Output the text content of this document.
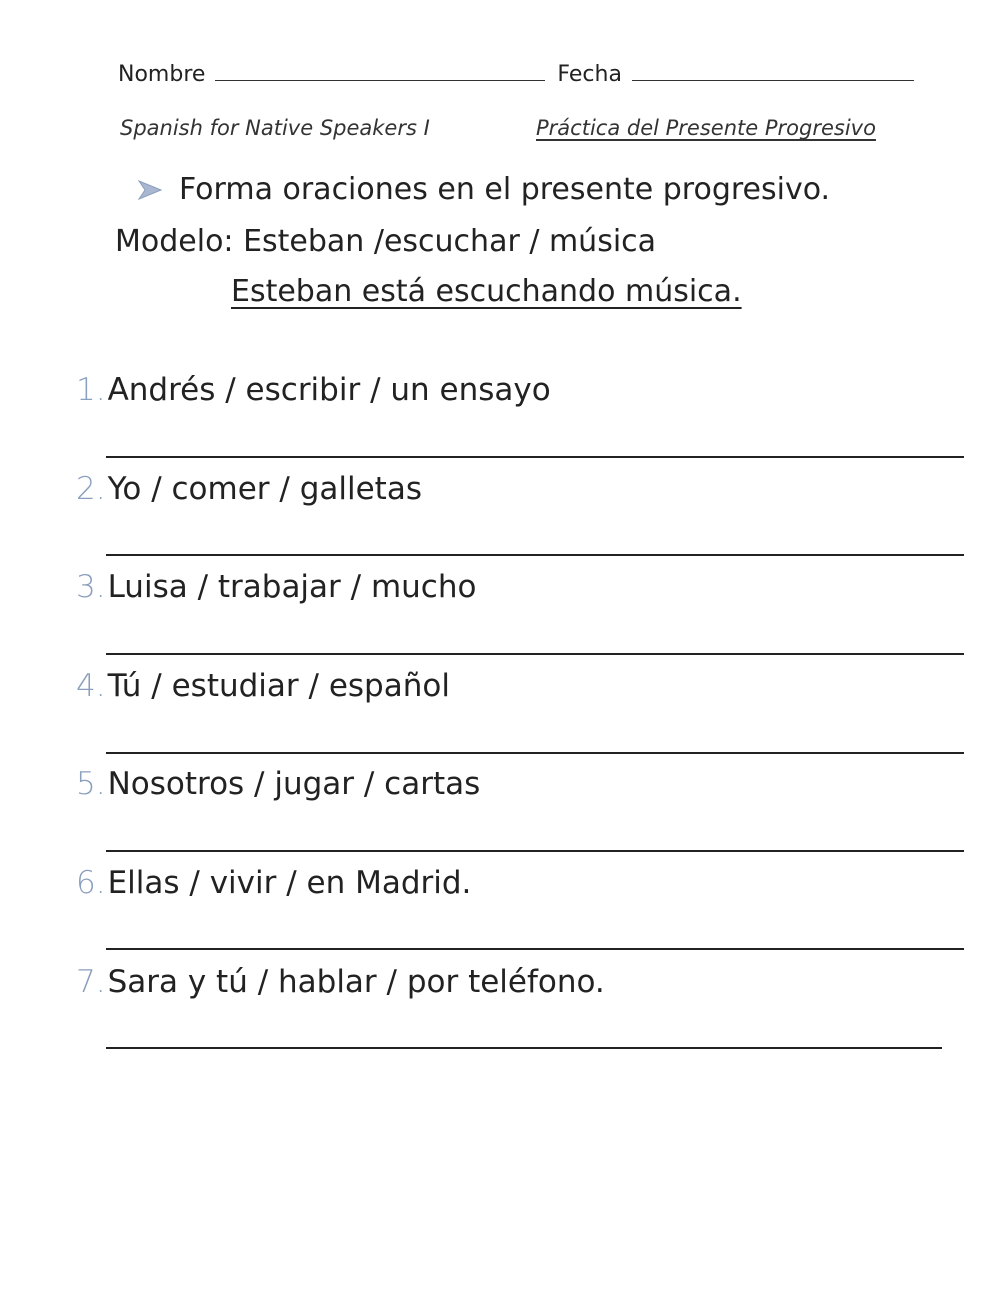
Nombre	Fecha
Spanish for Native Speakers I	Práctica del Presente Progresivo
Forma oraciones en el presente progresivo.
Modelo: Esteban /escuchar / música
Esteban está escuchando música.
1. Andrés / escribir / un ensayo
2. Yo / comer / galletas
3. Luisa / trabajar / mucho
4. Tú / estudiar / español
5. Nosotros / jugar / cartas
6. Ellas / vivir / en Madrid.
7. Sara y tú / hablar / por teléfono.
